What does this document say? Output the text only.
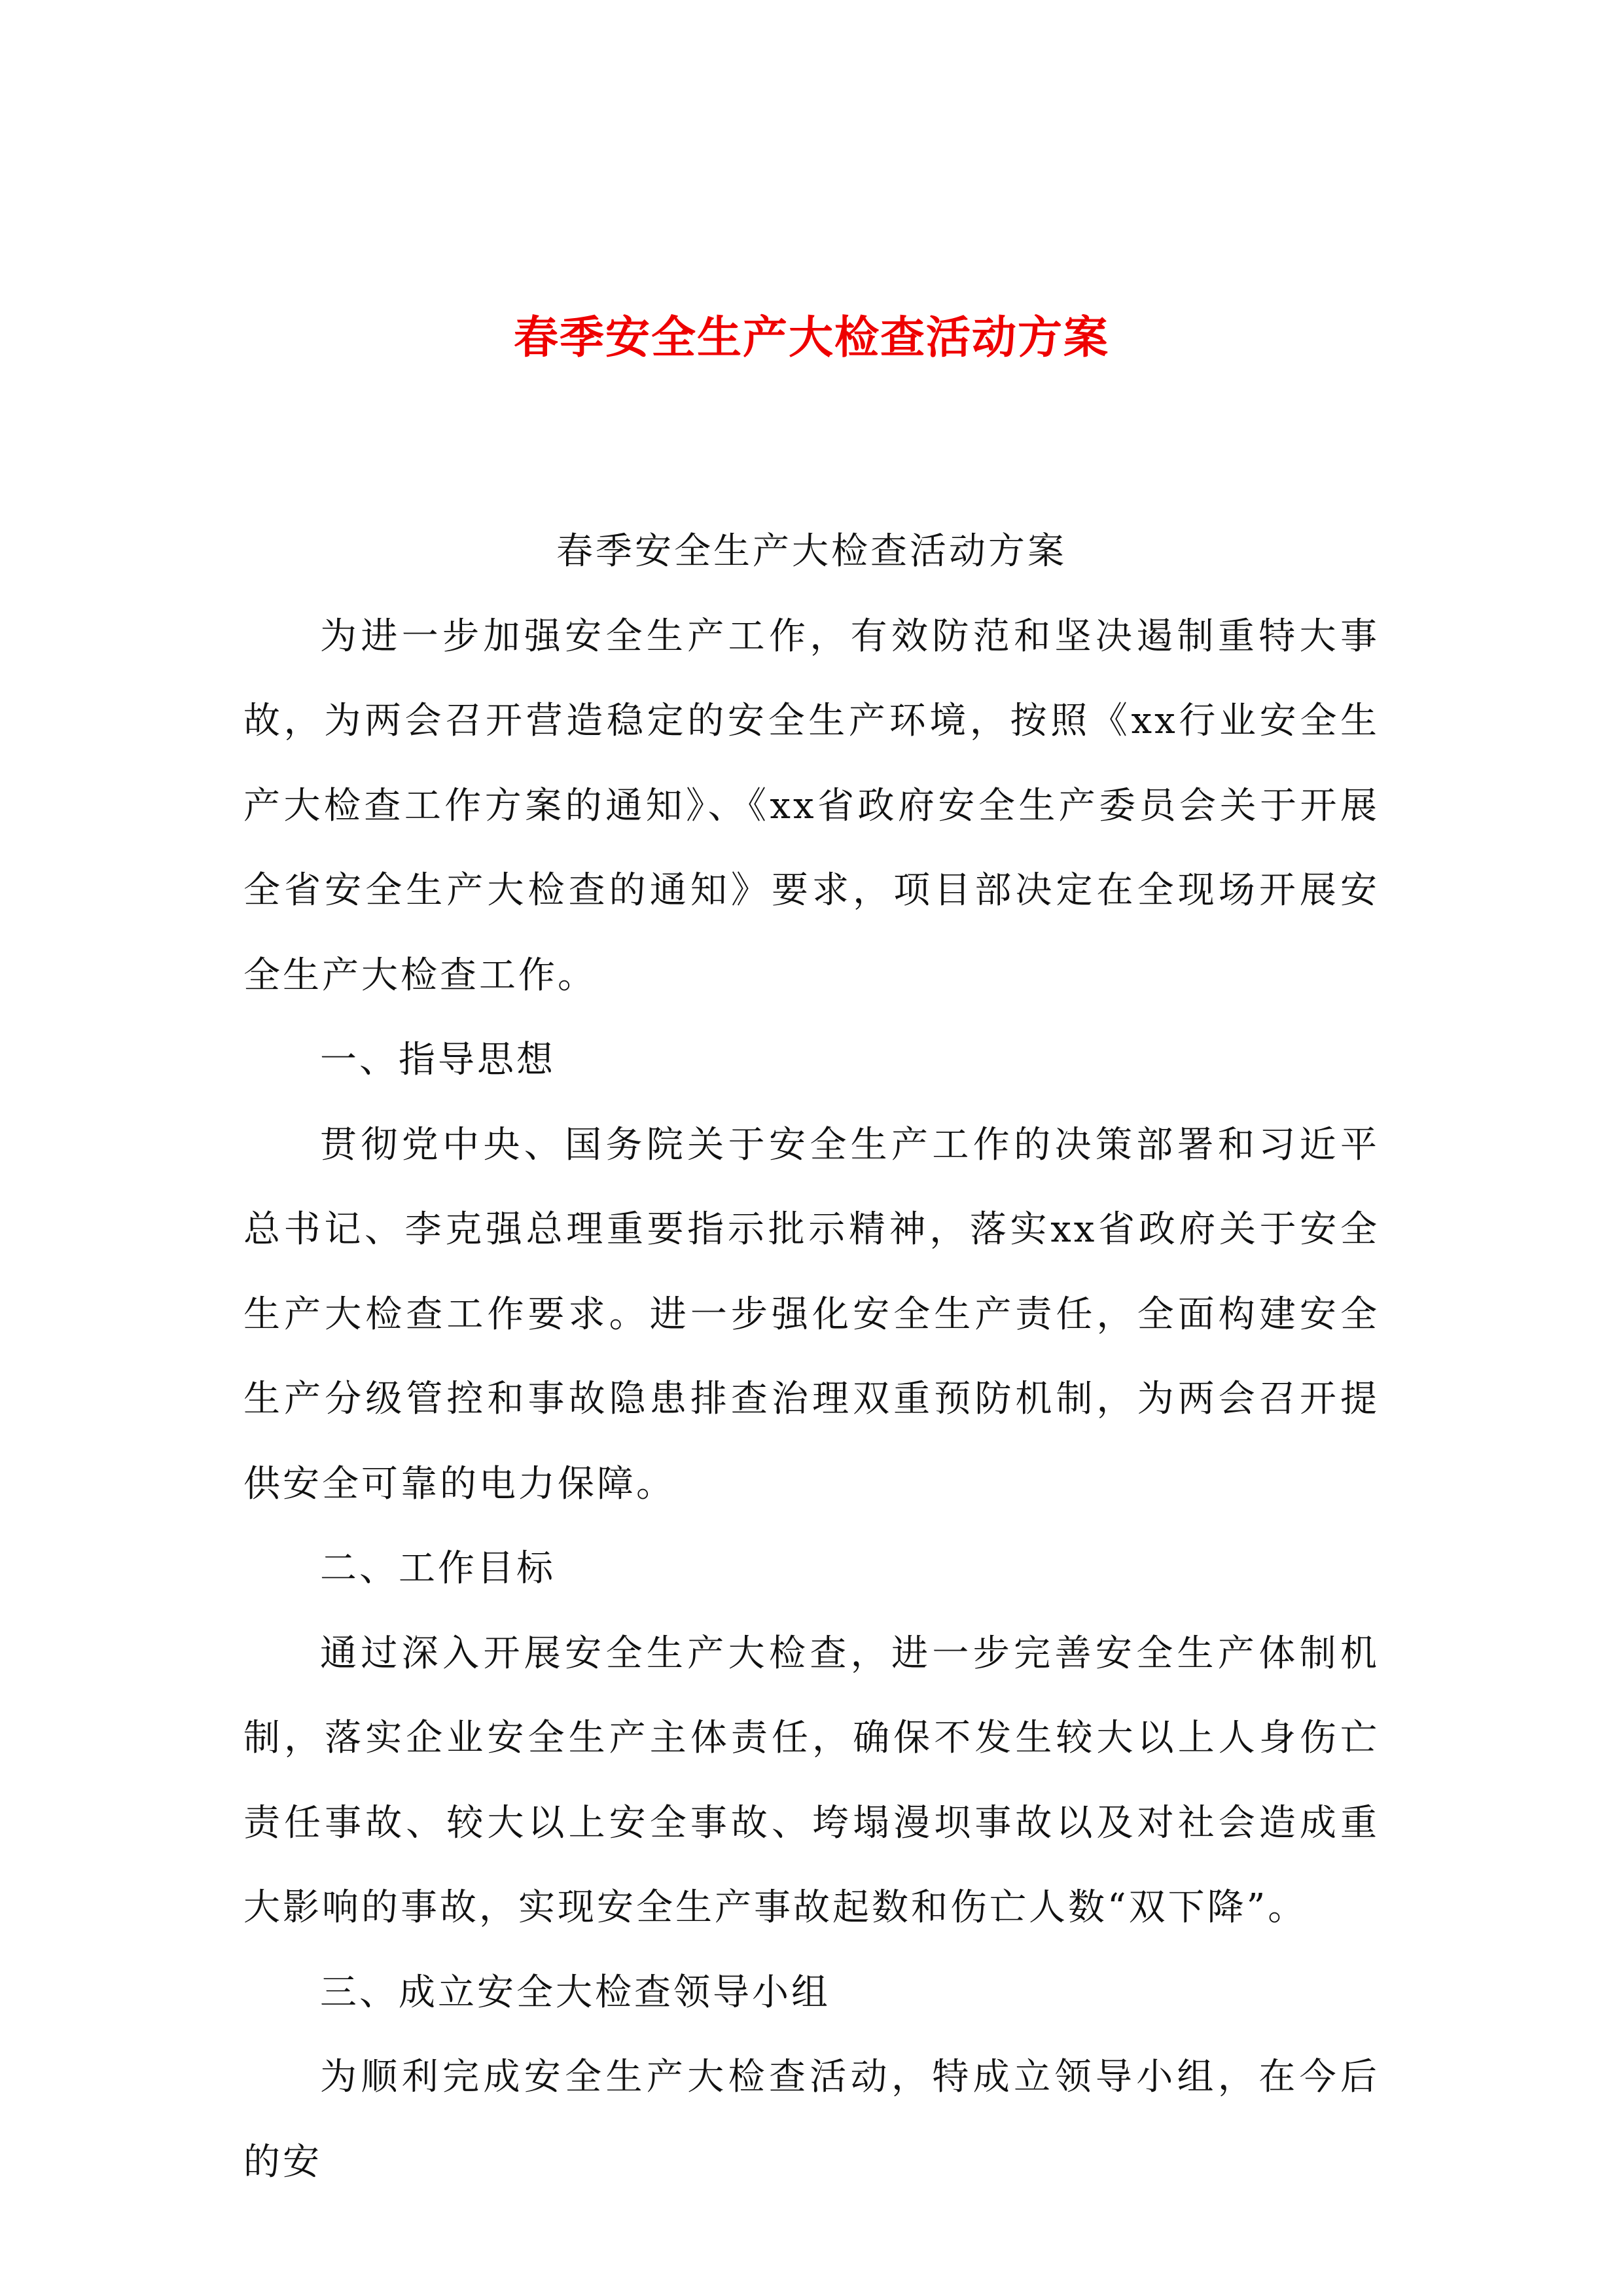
春季安全生产大检查活动方案

春季安全生产大检查活动方案

为进一步加强安全生产工作，有效防范和坚决遏制重特大事故，为两会召开营造稳定的安全生产环境，按照《xx行业安全生产大检查工作方案的通知》、《xx省政府安全生产委员会关于开展全省安全生产大检查的通知》要求，项目部决定在全现场开展安全生产大检查工作。

一、指导思想

贯彻党中央、国务院关于安全生产工作的决策部署和习近平总书记、李克强总理重要指示批示精神，落实xx省政府关于安全生产大检查工作要求。进一步强化安全生产责任，全面构建安全生产分级管控和事故隐患排查治理双重预防机制，为两会召开提供安全可靠的电力保障。

二、工作目标

通过深入开展安全生产大检查，进一步完善安全生产体制机制，落实企业安全生产主体责任，确保不发生较大以上人身伤亡责任事故、较大以上安全事故、垮塌漫坝事故以及对社会造成重大影响的事故，实现安全生产事故起数和伤亡人数“双下降”。

三、成立安全大检查领导小组

为顺利完成安全生产大检查活动，特成立领导小组，在今后的安
